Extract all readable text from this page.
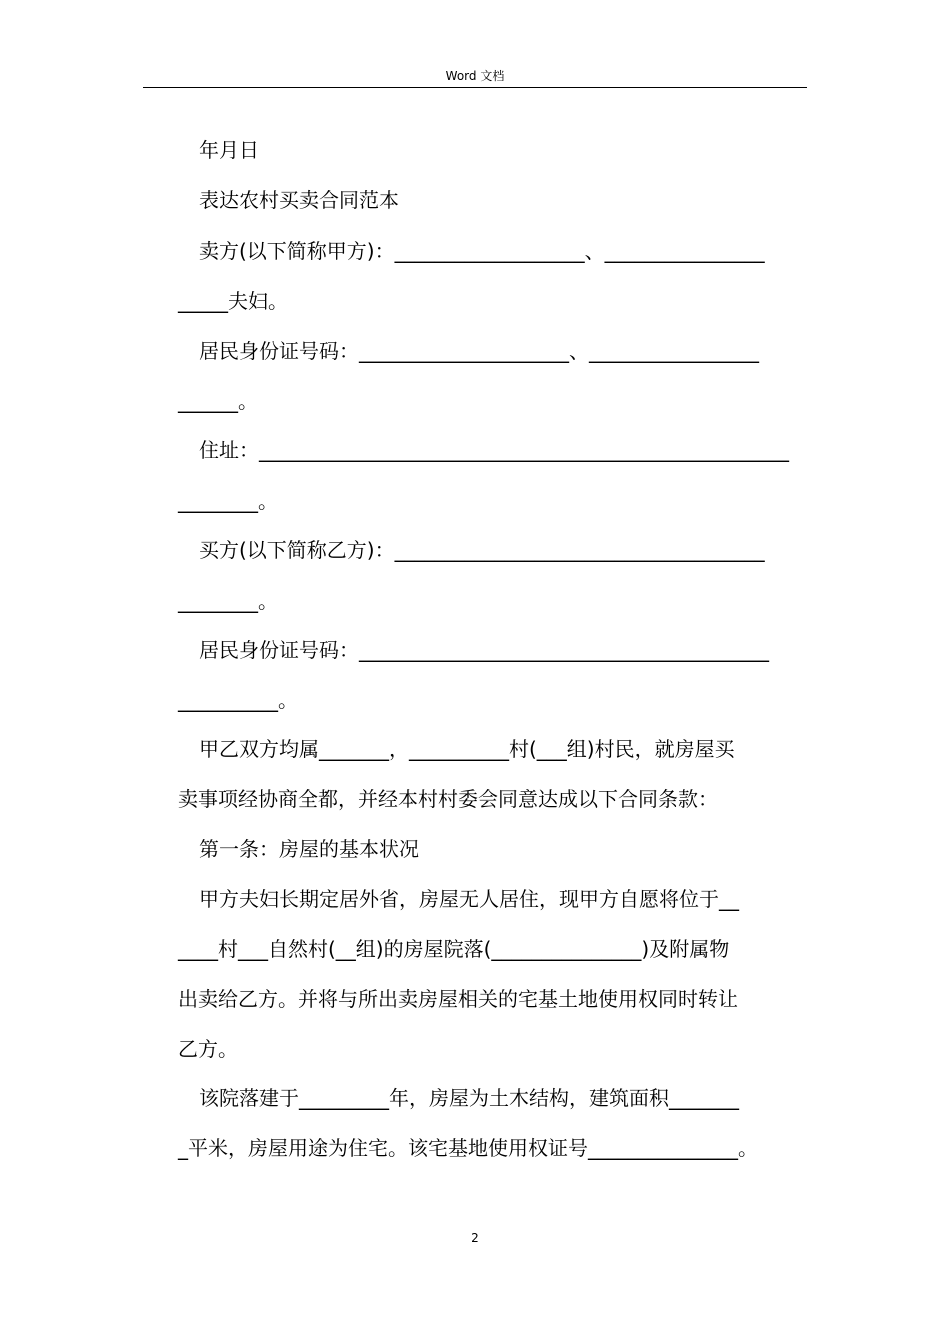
Word 文档
年月日
表达农村买卖合同范本
卖方(以下简称甲方)：___________________、________________
_____夫妇。
居民身份证号码：_____________________、_________________
______。
住址：_____________________________________________________
________。
买方(以下简称乙方)：_____________________________________
________。
居民身份证号码：_________________________________________
__________。
甲乙双方均属_______，__________村(___组)村民，就房屋买
卖事项经协商全都，并经本村村委会同意达成以下合同条款：
第一条：房屋的基本状况
甲方夫妇长期定居外省，房屋无人居住，现甲方自愿将位于__
____村___自然村(__组)的房屋院落(_______________)及附属物
出卖给乙方。并将与所出卖房屋相关的宅基土地使用权同时转让
乙方。
该院落建于_________年，房屋为土木结构，建筑面积_______
_平米，房屋用途为住宅。该宅基地使用权证号_______________。
2
